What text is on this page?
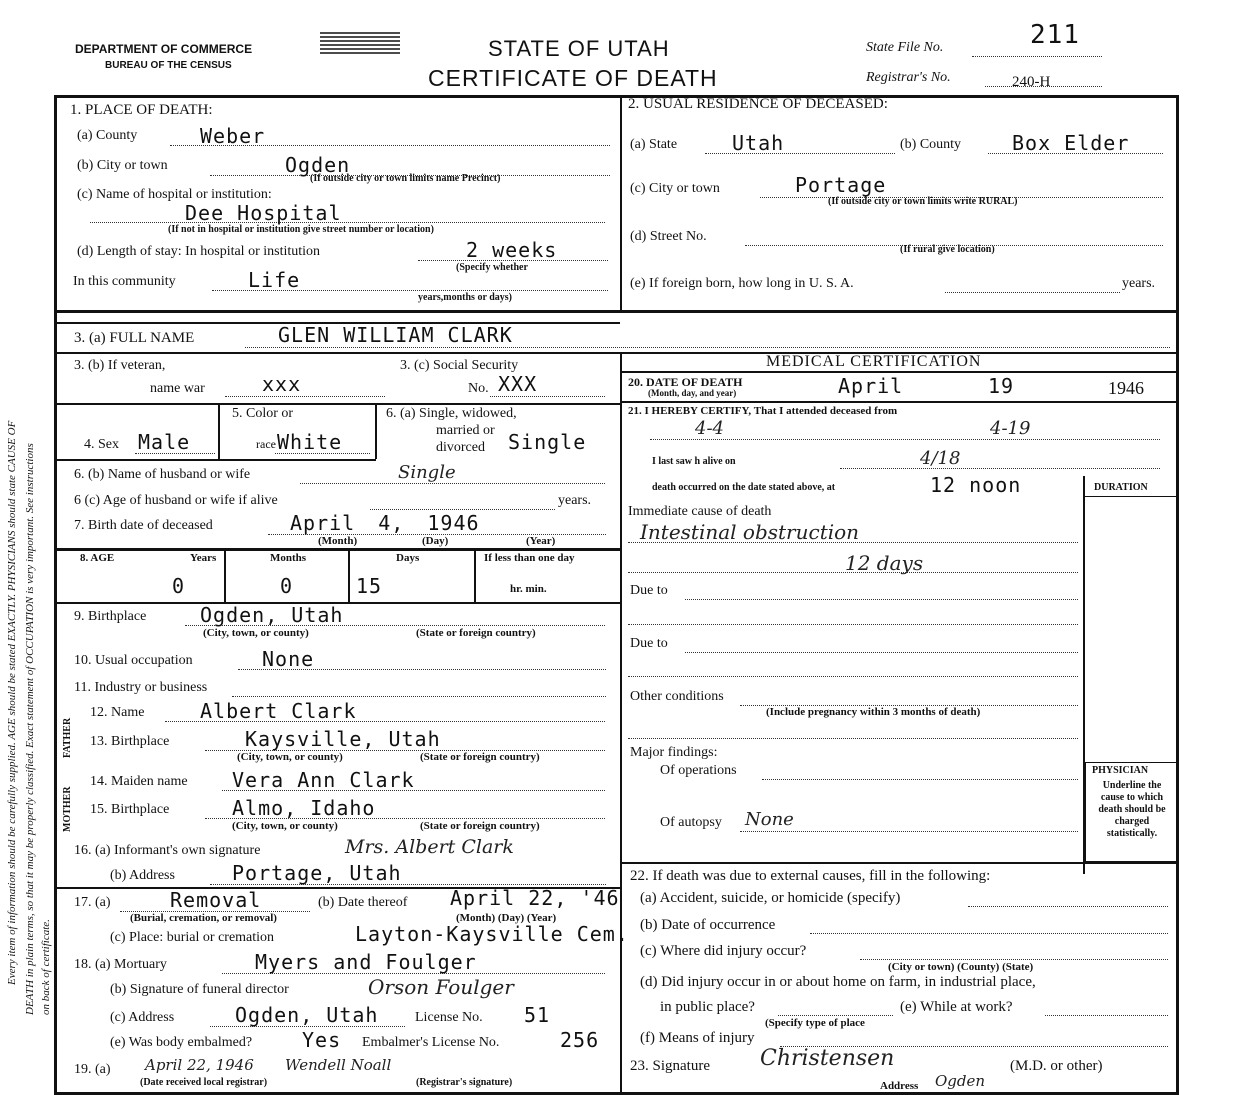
Every item of information should be carefully supplied. AGE should be stated EXACTLY. PHYSICIANS should state CAUSE OF DEATH in plain terms, so that it may be properly classified. Exact statement of OCCUPATION is very important. See instructions on back of certificate.
DEPARTMENT OF COMMERCE
BUREAU OF THE CENSUS
STATE OF UTAH
CERTIFICATE OF DEATH
State File No.	211
Registrar's No.	240-H
1. PLACE OF DEATH:
(a) County	Weber
(b) City or town	Ogden
(If outside city or town limits name Precinct)
(c) Name of hospital or institution:
Dee Hospital
(If not in hospital or institution give street number or location)
(d) Length of stay: In hospital or institution	2 weeks
(Specify whether
In this community	Life
years,months or days)
2. USUAL RESIDENCE OF DECEASED:
(a) State	Utah	(b) County	Box Elder
(c) City or town	Portage
(If outside city or town limits write RURAL)
(d) Street No.
(If rural give location)
(e) If foreign born, how long in U. S. A.	years.
3. (a) FULL NAME	GLEN WILLIAM CLARK
3. (b) If veteran,
name war	xxx
3. (c) Social Security
No. XXX
4. Sex Male
5. Color or
race White
6. (a) Single, widowed,
married or
divorced Single
6. (b) Name of husband or wife	Single
6 (c) Age of husband or wife if alive	years.
7. Birth date of deceased	April 4, 1946
(Month)	(Day)	(Year)
8. AGE	Years	Months	Days	If less than one day
hr. min.
0	0	15
9. Birthplace	Ogden, Utah
(City, town, or county)	(State or foreign country)
10. Usual occupation	None
11. Industry or business
FATHER
MOTHER
12. Name	Albert Clark
13. Birthplace	Kaysville, Utah
(City, town, or county)	(State or foreign country)
14. Maiden name Vera Ann Clark
15. Birthplace	Almo, Idaho
(City, town, or county)	(State or foreign country)
16. (a) Informant's own signature	Mrs. Albert Clark
(b) Address	Portage, Utah
17. (a)	Removal
(Burial, cremation, or removal)
(b) Date thereof April 22, '46
(Month) (Day) (Year)
(c) Place: burial or cremation	Layton-Kaysville Cem.
18. (a) Mortuary	Myers and Foulger
(b) Signature of funeral director	Orson Foulger
(c) Address	Ogden, Utah	License No. 51
(e) Was body embalmed? Yes Embalmer's License No.	256
19. (a) April 22, 1946 Wendell Noall
(Date received local registrar)	(Registrar's signature)
MEDICAL CERTIFICATION
20. DATE OF DEATH
(Month, day, and year)	April	19	1946
21. I HEREBY CERTIFY, That I attended deceased from
4-4	4-19
I last saw h alive on	4/18
death occurred on the date stated above, at	12 noon	DURATION
Immediate cause of death
Intestinal obstruction
12 days
Due to
Due to
Other conditions
(Include pregnancy within 3 months of death)
Major findings:
Of operations
Of autopsy None
PHYSICIAN
Underline the cause to which death should be charged statistically.
22. If death was due to external causes, fill in the following:
(a) Accident, suicide, or homicide (specify)
(b) Date of occurrence
(c) Where did injury occur?
(City or town) (County) (State)
(d) Did injury occur in or about home on farm, in industrial place,
in public place?	(e) While at work?
(Specify type of place
(f) Means of injury
23. Signature Christensen	(M.D. or other)
Address Ogden
